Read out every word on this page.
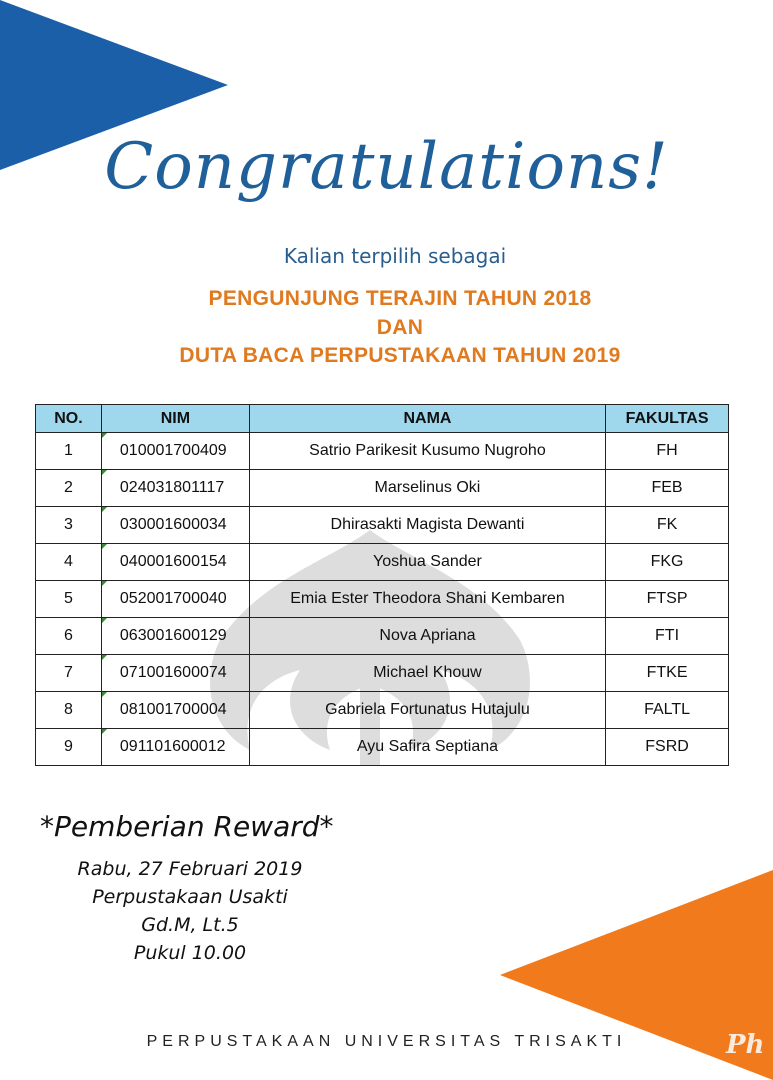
Congratulations!
Kalian terpilih sebagai
PENGUNJUNG TERAJIN TAHUN 2018
DAN
DUTA BACA PERPUSTAKAAN TAHUN 2019
NO.	NIM	NAMA	FAKULTAS
1	010001700409	Satrio Parikesit Kusumo Nugroho	FH
2	024031801117	Marselinus Oki	FEB
3	030001600034	Dhirasakti Magista Dewanti	FK
4	040001600154	Yoshua Sander	FKG
5	052001700040	Emia Ester Theodora Shani Kembaren	FTSP
6	063001600129	Nova Apriana	FTI
7	071001600074	Michael Khouw	FTKE
8	081001700004	Gabriela Fortunatus Hutajulu	FALTL
9	091101600012	Ayu Safira Septiana	FSRD
*Pemberian Reward*
Rabu, 27 Februari 2019
Perpustakaan Usakti
Gd.M, Lt.5
Pukul 10.00
PERPUSTAKAAN UNIVERSITAS TRISAKTI	Ph
